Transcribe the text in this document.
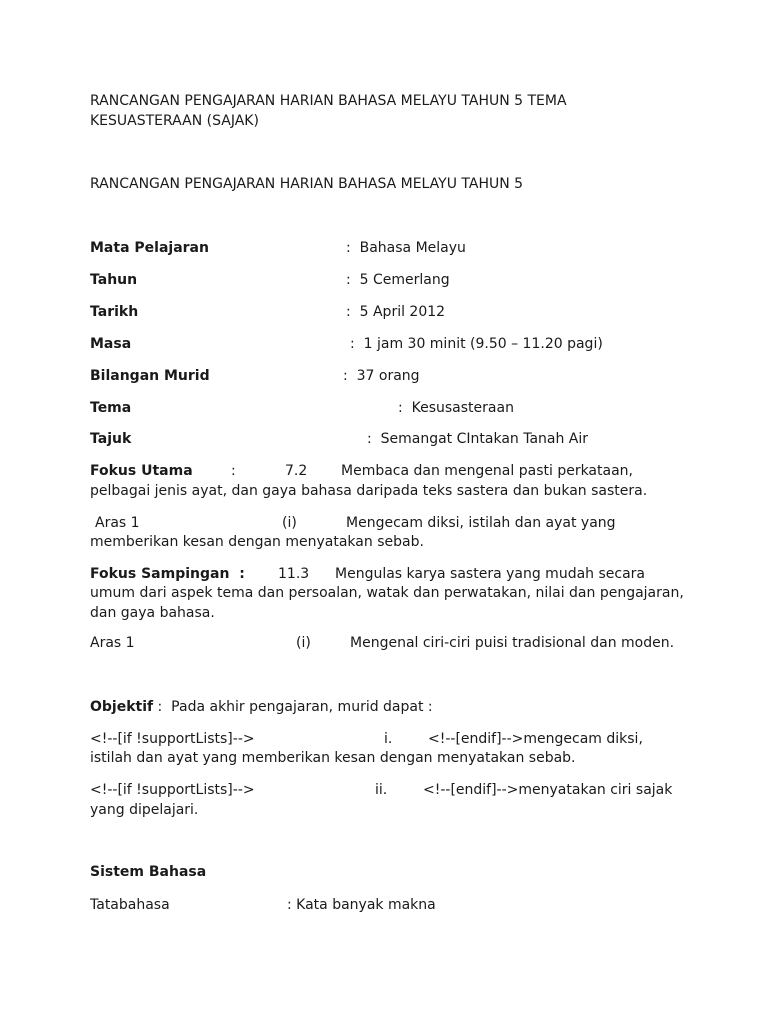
RANCANGAN PENGAJARAN HARIAN BAHASA MELAYU TAHUN 5 TEMA
KESUASTERAAN (SAJAK)
RANCANGAN PENGAJARAN HARIAN BAHASA MELAYU TAHUN 5
Mata Pelajaran	:  Bahasa Melayu
Tahun	:  5 Cemerlang
Tarikh	:  5 April 2012
Masa	:  1 jam 30 minit (9.50 – 11.20 pagi)
Bilangan Murid	:  37 orang
Tema	:  Kesusasteraan
Tajuk	:  Semangat CIntakan Tanah Air
Fokus Utama	:	7.2 Membaca dan mengenal pasti perkataan,
pelbagai jenis ayat, dan gaya bahasa daripada teks sastera dan bukan sastera.
Aras 1	(i)	Mengecam diksi, istilah dan ayat yang
memberikan kesan dengan menyatakan sebab.
Fokus Sampingan  : 11.3 Mengulas karya sastera yang mudah secara
umum dari aspek tema dan persoalan, watak dan perwatakan, nilai dan pengajaran,
dan gaya bahasa.
Aras 1	(i)	Mengenal ciri-ciri puisi tradisional dan moden.
Objektif :  Pada akhir pengajaran, murid dapat :
<!--[if !supportLists]-->	i.	<!--[endif]-->mengecam diksi,
istilah dan ayat yang memberikan kesan dengan menyatakan sebab.
<!--[if !supportLists]-->	ii.	<!--[endif]-->menyatakan ciri sajak
yang dipelajari.
Sistem Bahasa
Tatabahasa	: Kata banyak makna
